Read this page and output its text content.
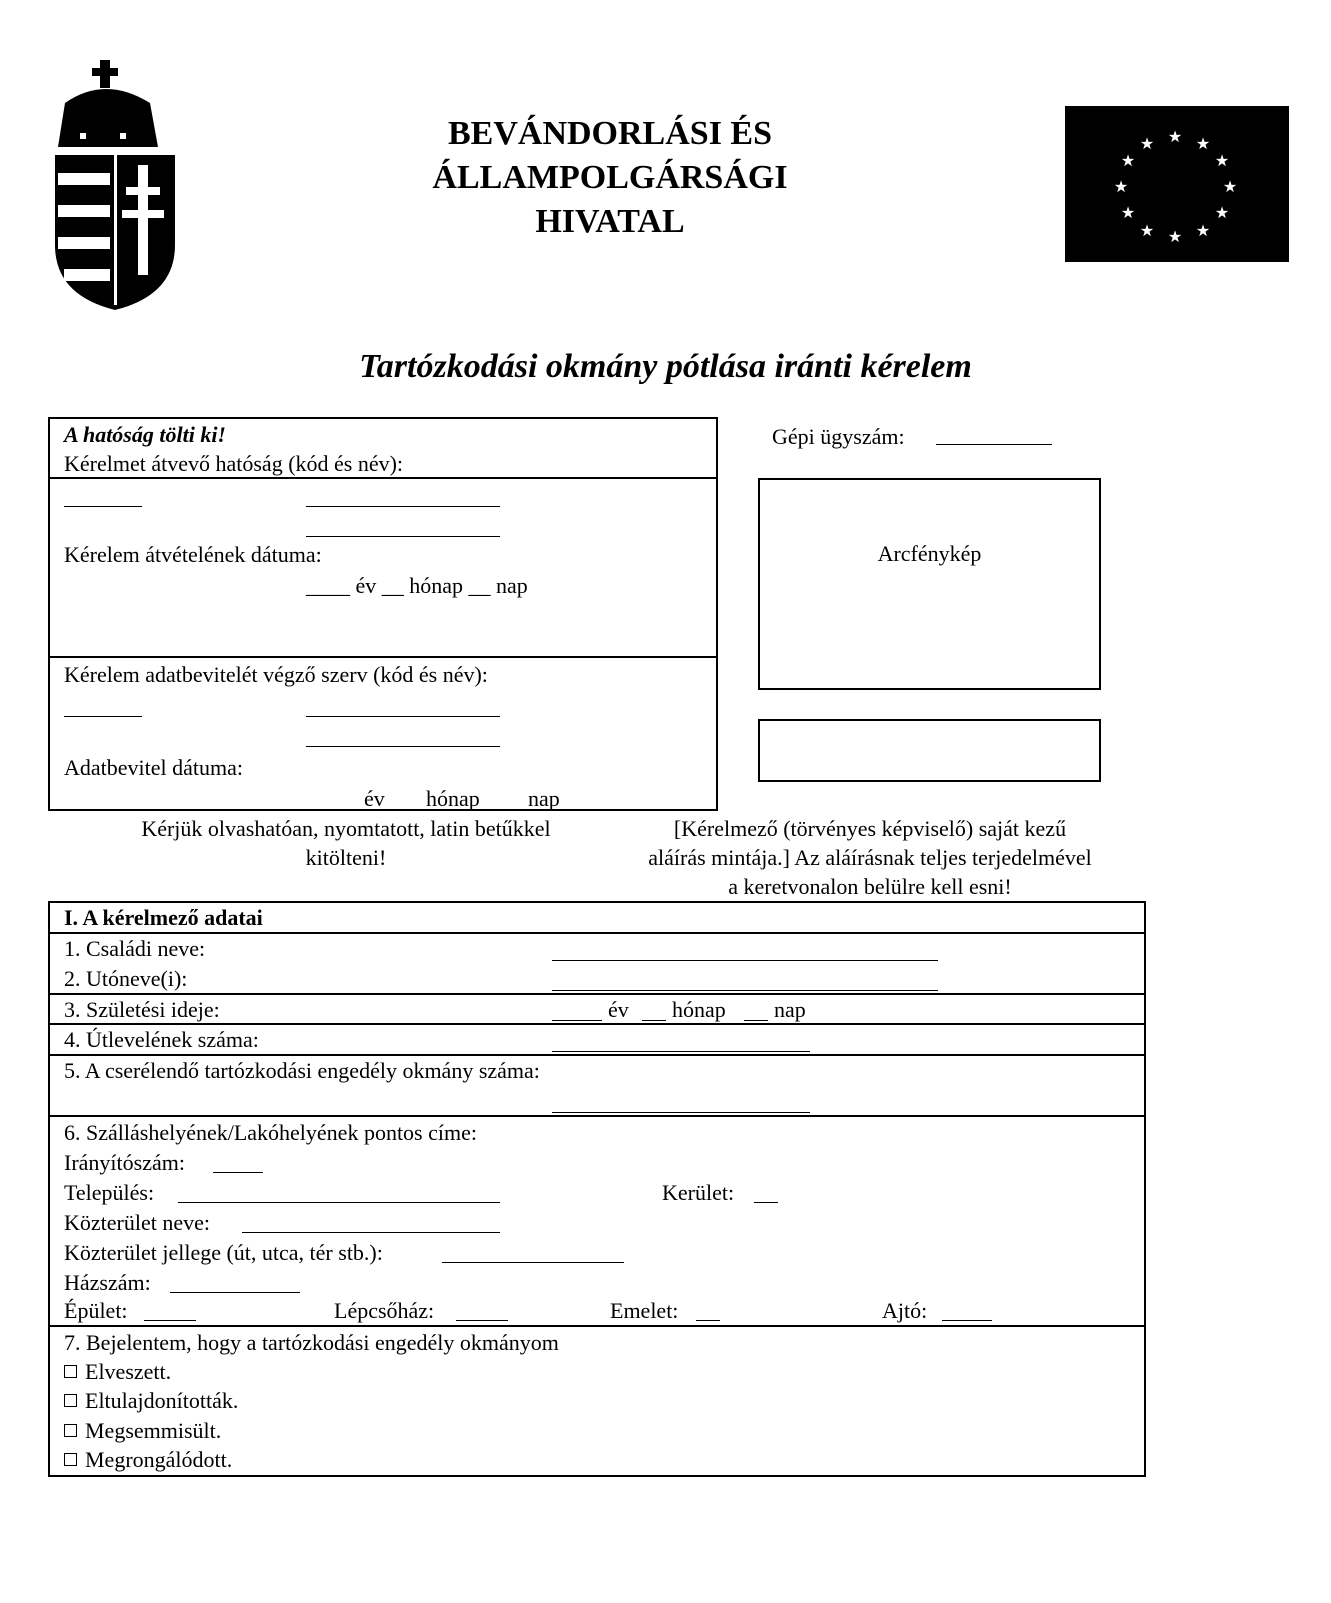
BEVÁNDORLÁSI ÉS
ÁLLAMPOLGÁRSÁGI
HIVATAL
★ ★
★
★
★
★
★
★
★
★
★
★
Tartózkodási okmány pótlása iránti kérelem
A hatóság tölti ki!
Kérelmet átvevő hatóság (kód és név):
Kérelem átvételének dátuma:
____ év __ hónap __ nap
Kérelem adatbevitelét végző szerv (kód és név):
Adatbevitel dátuma:
év hónap nap
Gépi ügyszám:
Arcfénykép
Kérjük olvashatóan, nyomtatott, latin betűkkel
kitölteni!
[Kérelmező (törvényes képviselő) saját kezű
aláírás mintája.] Az aláírásnak teljes terjedelmével
a keretvonalon belülre kell esni!
I. A kérelmező adatai
1. Családi neve:
2. Utóneve(i):
3. Születési ideje:	év hónap nap
4. Útlevelének száma:
5. A cserélendő tartózkodási engedély okmány száma:
6. Szálláshelyének/Lakóhelyének pontos címe:
Irányítószám:
Település:	Kerület:
Közterület neve:
Közterület jellege (út, utca, tér stb.):
Házszám:
Épület:	Lépcsőház:	Emelet:	Ajtó:
7. Bejelentem, hogy a tartózkodási engedély okmányom
Elveszett.
Eltulajdonították.
Megsemmisült.
Megrongálódott.
